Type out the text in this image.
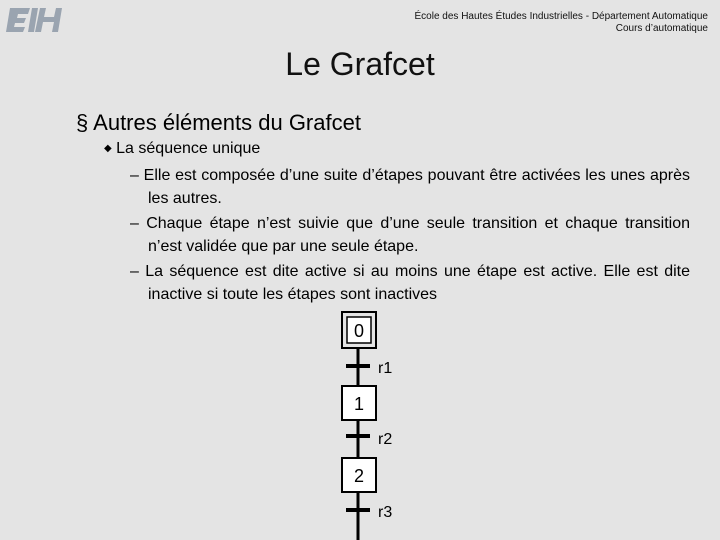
École des Hautes Études Industrielles - Département Automatique
Cours d’automatique
Le Grafcet
§ Autres éléments du Grafcet
◆ La séquence unique
– Elle est composée d’une suite d’étapes pouvant être activées les unes après les autres.
– Chaque étape n’est suivie que d’une seule transition et chaque transition n’est validée que par une seule étape.
– La séquence est dite active si au moins une étape est active. Elle est dite inactive si toute les étapes sont inactives
0
r1
1
r2
2
r3
